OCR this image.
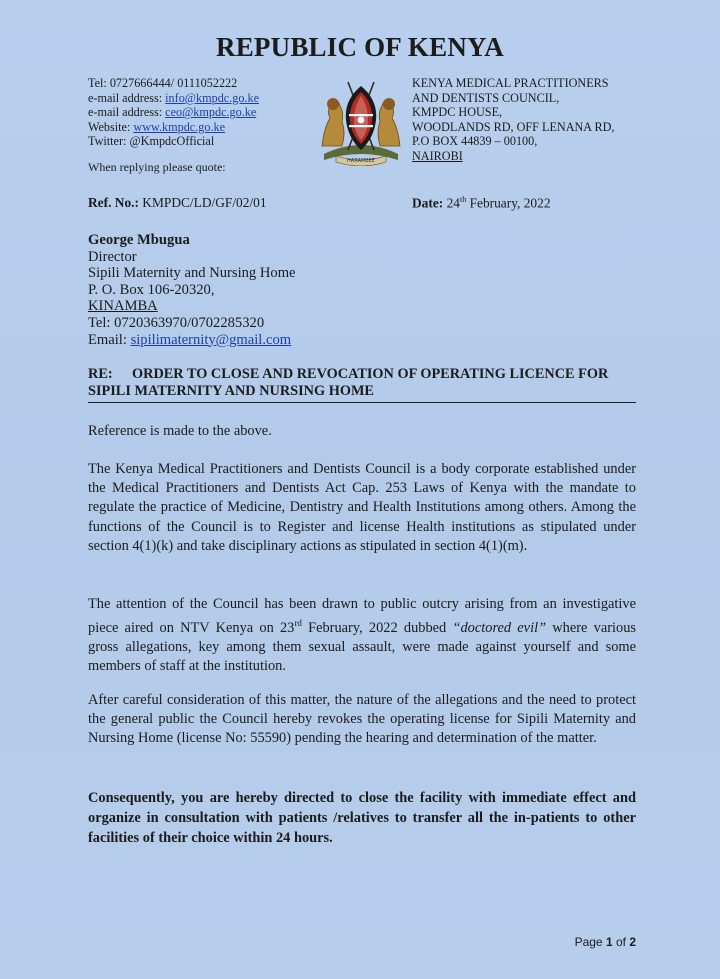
REPUBLIC OF KENYA
Tel: 0727666444/ 0111052222
e-mail address: info@kmpdc.go.ke
e-mail address: ceo@kmpdc.go.ke
Website: www.kmpdc.go.ke
Twitter: @KmpdcOfficial
When replying please quote:	HARAMBEE
KENYA MEDICAL PRACTITIONERS
AND DENTISTS COUNCIL,
KMPDC HOUSE,
WOODLANDS RD, OFF LENANA RD,
P.O BOX 44839 – 00100,
NAIROBI
Ref. No.: KMPDC/LD/GF/02/01	Date: 24th February, 2022
George Mbugua
Director
Sipili Maternity and Nursing Home
P. O. Box 106-20320,
KINAMBA
Tel: 0720363970/0702285320
Email: sipilimaternity@gmail.com
RE: ORDER TO CLOSE AND REVOCATION OF OPERATING LICENCE FOR
SIPILI MATERNITY AND NURSING HOME
Reference is made to the above.
The Kenya Medical Practitioners and Dentists Council is a body corporate established under the Medical Practitioners and Dentists Act Cap. 253 Laws of Kenya with the mandate to regulate the practice of Medicine, Dentistry and Health Institutions among others. Among the functions of the Council is to Register and license Health institutions as stipulated under section 4(1)(k) and take disciplinary actions as stipulated in section 4(1)(m).
The attention of the Council has been drawn to public outcry arising from an investigative piece aired on NTV Kenya on 23rd February, 2022 dubbed “doctored evil” where various gross allegations, key among them sexual assault, were made against yourself and some members of staff at the institution.
After careful consideration of this matter, the nature of the allegations and the need to protect the general public the Council hereby revokes the operating license for Sipili Maternity and Nursing Home (license No: 55590) pending the hearing and determination of the matter.
Consequently, you are hereby directed to close the facility with immediate effect and organize in consultation with patients /relatives to transfer all the in-patients to other facilities of their choice within 24 hours.
Page 1 of 2
